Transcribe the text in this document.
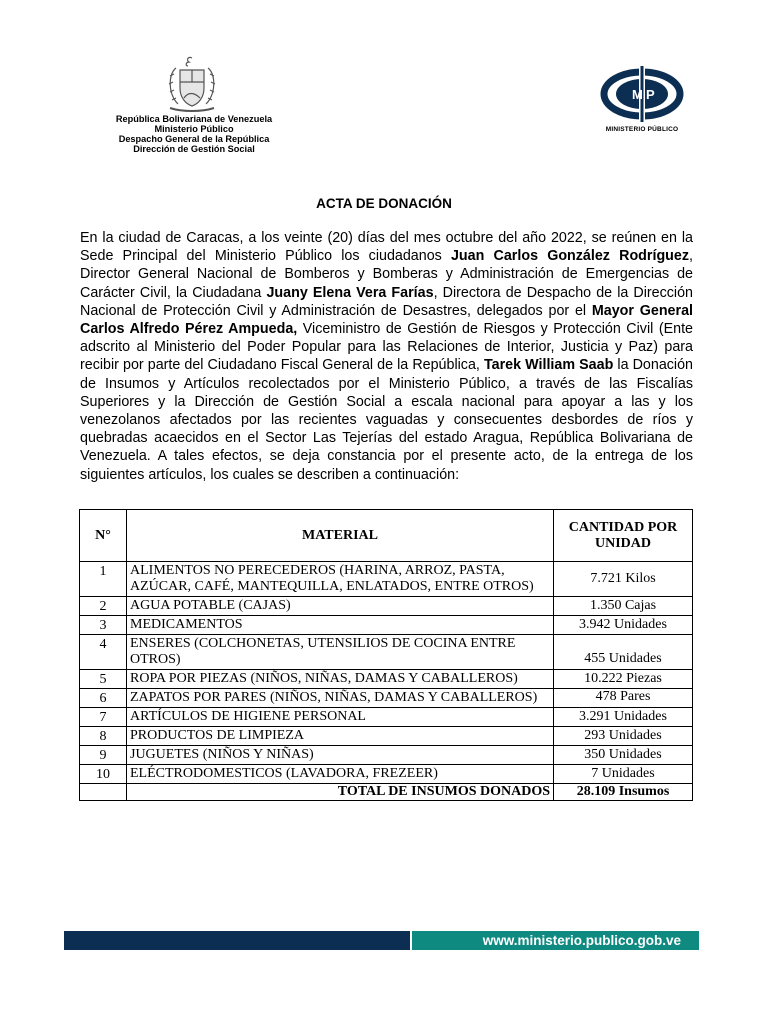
República Bolivariana de Venezuela
Ministerio Público
Despacho General de la República
Dirección de Gestión Social
M P
MINISTERIO PÚBLICO
ACTA DE DONACIÓN
En la ciudad de Caracas, a los veinte (20) días del mes octubre del año 2022, se reúnen en la Sede Principal del Ministerio Público los ciudadanos Juan Carlos González Rodríguez, Director General Nacional de Bomberos y Bomberas y Administración de Emergencias de Carácter Civil, la Ciudadana Juany Elena Vera Farías, Directora de Despacho de la Dirección Nacional de Protección Civil y Administración de Desastres, delegados por el Mayor General Carlos Alfredo Pérez Ampueda, Viceministro de Gestión de Riesgos y Protección Civil (Ente adscrito al Ministerio del Poder Popular para las Relaciones de Interior, Justicia y Paz) para recibir por parte del Ciudadano Fiscal General de la República, Tarek William Saab la Donación de Insumos y Artículos recolectados por el Ministerio Público, a través de las Fiscalías Superiores y la Dirección de Gestión Social a escala nacional para apoyar a las y los venezolanos afectados por las recientes vaguadas y consecuentes desbordes de ríos y quebradas acaecidos en el Sector Las Tejerías del estado Aragua, República Bolivariana de Venezuela. A tales efectos, se deja constancia por el presente acto, de la entrega de los siguientes artículos, los cuales se describen a continuación:
N°	MATERIAL	CANTIDAD POR UNIDAD
1	ALIMENTOS NO PERECEDEROS (HARINA, ARROZ, PASTA, AZÚCAR, CAFÉ, MANTEQUILLA, ENLATADOS, ENTRE OTROS)	7.721 Kilos
2	AGUA POTABLE (CAJAS)	1.350 Cajas
3	MEDICAMENTOS	3.942 Unidades
4	ENSERES (COLCHONETAS, UTENSILIOS DE COCINA ENTRE OTROS)	455 Unidades
5	ROPA POR PIEZAS (NIÑOS, NIÑAS, DAMAS Y CABALLEROS)	10.222 Piezas
6	ZAPATOS POR PARES (NIÑOS, NIÑAS, DAMAS Y CABALLEROS)	478 Pares
7	ARTÍCULOS DE HIGIENE PERSONAL	3.291 Unidades
8	PRODUCTOS DE LIMPIEZA	293 Unidades
9	JUGUETES (NIÑOS Y NIÑAS)	350 Unidades
10	ELÉCTRODOMESTICOS (LAVADORA, FREZEER)	7 Unidades
	TOTAL DE INSUMOS DONADOS	28.109 Insumos
www.ministerio.publico.gob.ve
